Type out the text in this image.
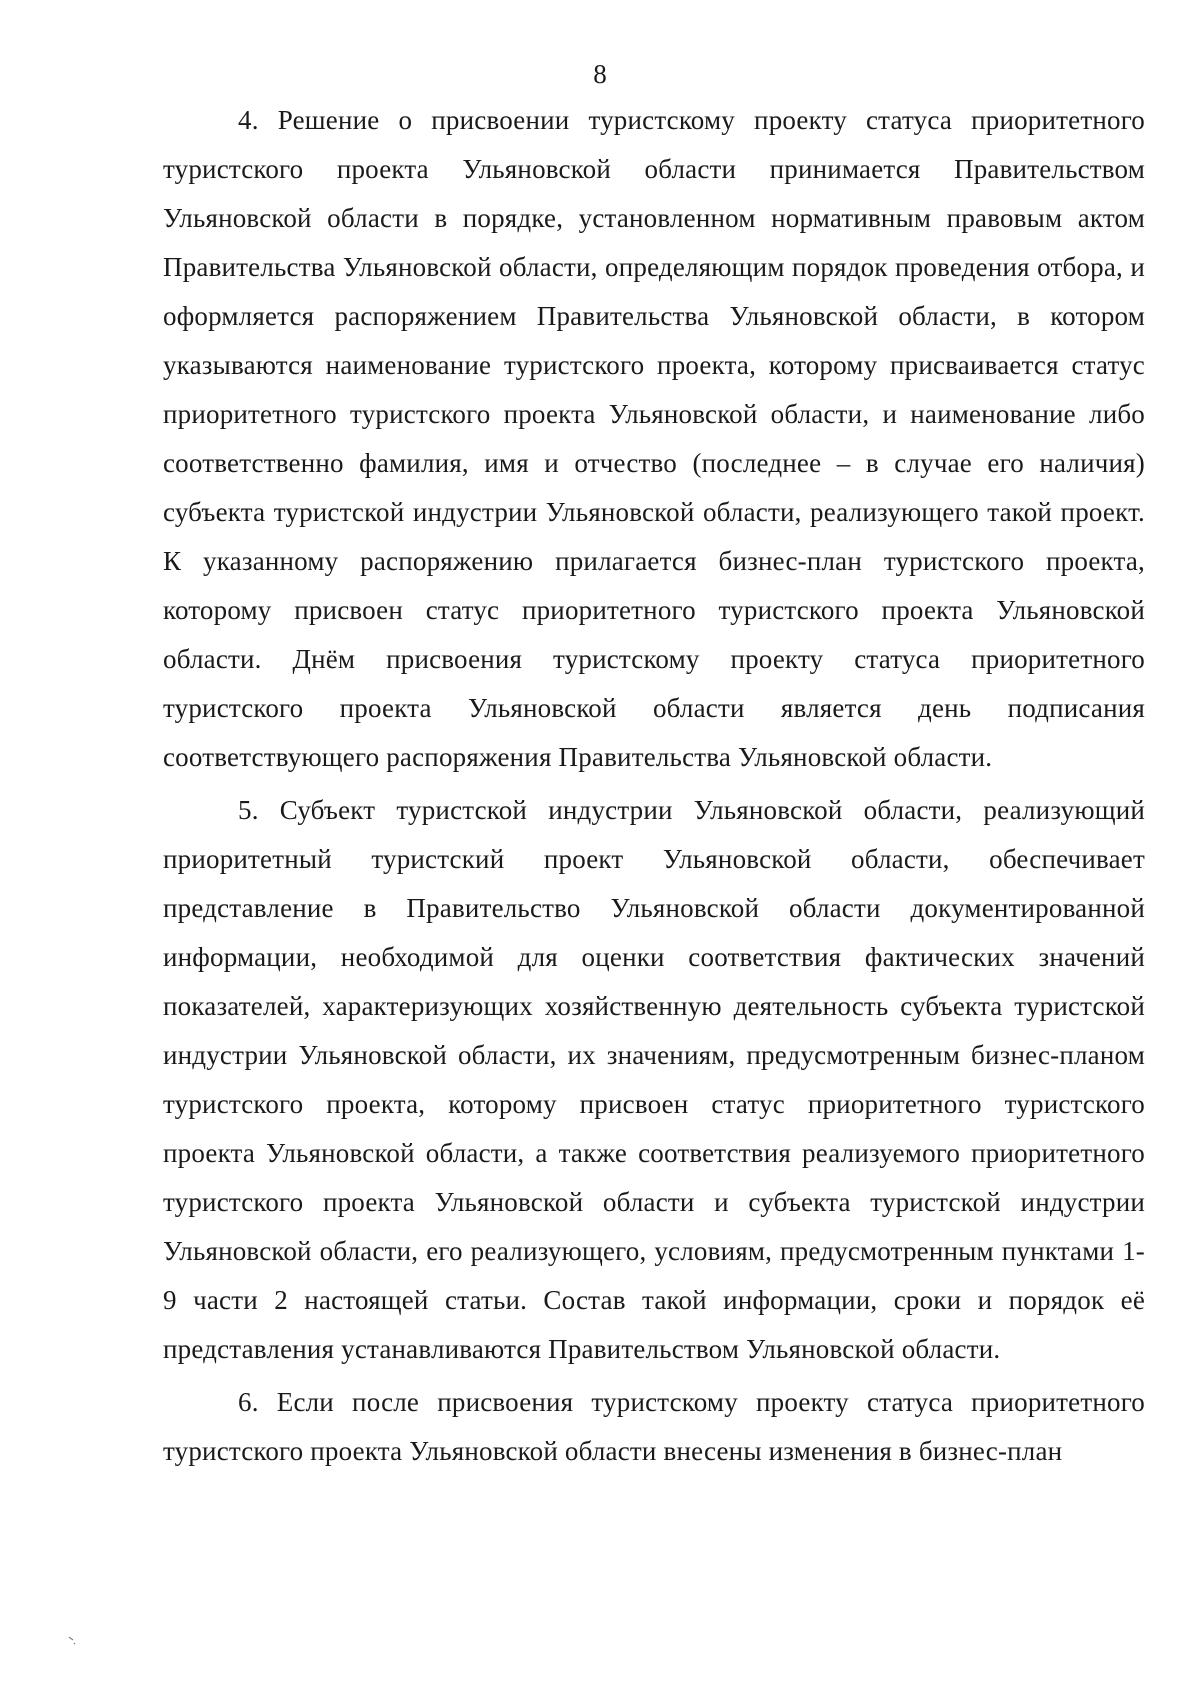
8

4. Решение о присвоении туристскому проекту статуса приоритетного туристского проекта Ульяновской области принимается Правительством Ульяновской области в порядке, установленном нормативным правовым актом Правительства Ульяновской области, определяющим порядок проведения отбора, и оформляется распоряжением Правительства Ульяновской области, в котором указываются наименование туристского проекта, которому присваивается статус приоритетного туристского проекта Ульяновской области, и наименование либо соответственно фамилия, имя и отчество (последнее – в случае его наличия) субъекта туристской индустрии Ульяновской области, реализующего такой проект. К указанному распоряжению прилагается бизнес-план туристского проекта, которому присвоен статус приоритетного туристского проекта Ульяновской области. Днём присвоения туристскому проекту статуса приоритетного туристского проекта Ульяновской области является день подписания соответствующего распоряжения Правительства Ульяновской области.

5. Субъект туристской индустрии Ульяновской области, реализующий приоритетный туристский проект Ульяновской области, обеспечивает представление в Правительство Ульяновской области документированной информации, необходимой для оценки соответствия фактических значений показателей, характеризующих хозяйственную деятельность субъекта туристской индустрии Ульяновской области, их значениям, предусмотренным бизнес-планом туристского проекта, которому присвоен статус приоритетного туристского проекта Ульяновской области, а также соответствия реализуемого приоритетного туристского проекта Ульяновской области и субъекта туристской индустрии Ульяновской области, его реализующего, условиям, предусмотренным пунктами 1-9 части 2 настоящей статьи. Состав такой информации, сроки и порядок её представления устанавливаются Правительством Ульяновской области.

6. Если после присвоения туристскому проекту статуса приоритетного туристского проекта Ульяновской области внесены изменения в бизнес-план
